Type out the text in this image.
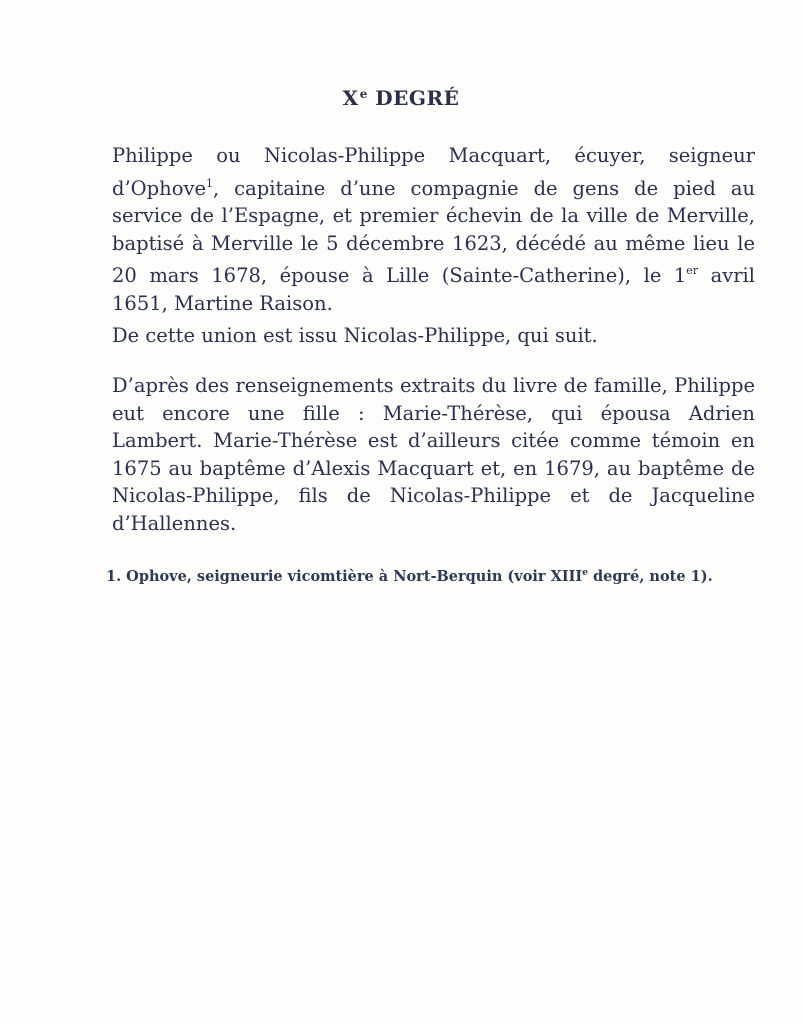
Xe DEGRÉ

Philippe ou Nicolas-Philippe Macquart, écuyer, seigneur d’Ophove$^1$, capitaine d’une compagnie de gens de pied au service de l’Espagne, et premier échevin de la ville de Merville, baptisé à Merville le 5 décembre 1623, décédé au même lieu le 20 mars 1678, épouse à Lille (Sainte-Catherine), le 1er avril 1651, Martine Raison.

De cette union est issu Nicolas-Philippe, qui suit.

D’après des renseignements extraits du livre de famille, Philippe eut encore une fille : Marie-Thérèse, qui épousa Adrien Lambert. Marie-Thérèse est d’ailleurs citée comme témoin en 1675 au baptême d’Alexis Macquart et, en 1679, au baptême de Nicolas-Philippe, fils de Nicolas-Philippe et de Jacqueline d’Hallennes.

1. Ophove, seigneurie vicomtière à Nort-Berquin (voir XIIIe degré, note 1).
